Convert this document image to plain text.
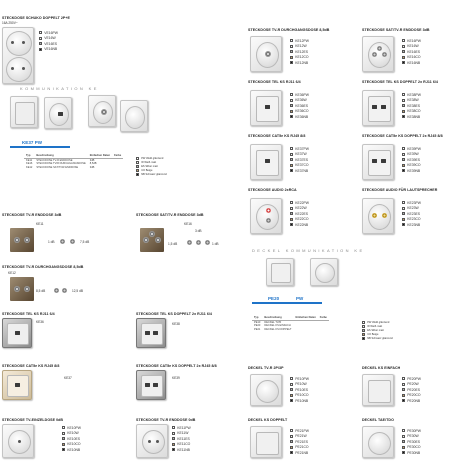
STECKDOSE SCHUKO DOPPELT 2P+E
16A 250V~
VE16PW
VE16W
VE16ES
VE16NB
KOMMUNIKATION KE
KE37 PW
Typ	Beschreibung	Einfachen Daten	Farbe
KE11	STECKDOSE TV-R ENDDOSE	3dB	
KE16	STECKDOSE TV/R DURCHGANGSDOSE	8,5dB	
KE12	STECKDOSE SAT/TV/R ENDDOSE	3dB	
PW Weiß glänzend
W Weiß matt
ES Silber matt
CO Beige
NB Schwarz glänzend
STECKDOSE TV-R ENDDOSE 3dB
KE11
1 dB	7,5 dB
STECKDOSE SAT/TV-R ENDDOSE 3dB
KE16
3 dB
1,5 dB	1 dB
STECKDOSE TV-R DURCHGANGSDOSE 8,5dB
KE12
8,5 dB	12,5 dB
STECKDOSE TEL KS RJ11 6/4
KE36
STECKDOSE TEL KS DOPPELT 2x RJ11 6/4
KE38
STECKDOSE CAT5e KS RJ45 8/8
KE37
STECKDOSE CAT5e KS DOPPELT 2x RJ45 8/8
KE39
STECKDOSE TV-EINZELDOSE 0dB
KE10PW
KE10W
KE10ES
KE10CO
KE10NB
STECKDOSE TV-R ENDDOSE 0dB
KE11PW
KE11W
KE11ES
KE11CO
KE11NB
STECKDOSE TV-R DURCHGANGSDOSE 8,5dB
KE12PW
KE12W
KE12ES
KE12CO
KE12NB
STECKDOSE SAT/TV-R ENDDOSE 3dB
KE16PW
KE16W
KE16ES
KE16CO
KE16NB
STECKDOSE TEL KS RJ11 6/4
KE36PW
KE36W
KE36ES
KE36CO
KE36NB
STECKDOSE TEL KS DOPPELT 2x RJ11 6/4
KE38PW
KE38W
KE38ES
KE38CO
KE38NB
STECKDOSE CAT5e KS RJ45 8/8
KE37PW
KE37W
KE37ES
KE37CO
KE37NB
STECKDOSE CAT5e KS DOPPELT 2x RJ45 8/8
KE39PW
KE39W
KE39ES
KE39CO
KE39NB
STECKDOSE AUDIO 2xRCA
KE22PW
KE22W
KE22ES
KE22CO
KE22NB
STECKDOSE AUDIO FÜR LAUTSPRECHER
KE23PW
KE23W
KE23ES
KE23CO
KE23NB
DECKEL KOMMUNIKATION KE
PE20	PW
Typ	Beschreibung	Einfachen Daten	Farbe
PE10	DECKEL TV/R		
PE20	DECKEL KS EINFACH		
PE21	DECKEL KS DOPPELT		
PW Weiß glänzend
W Weiß matt
ES Silber matt
CO Beige
NB Schwarz glänzend
DECKEL TV-R 2P/3P
PE10PW
PE10W
PE10ES
PE10CO
PE10NB
DECKEL KS EINFACH
PE20PW
PE20W
PE20ES
PE20CO
PE20NB
DECKEL KS DOPPELT
PE21PW
PE21W
PE21ES
PE21CO
PE21NB
DECKEL TAE/TDO
PE30PW
PE30W
PE30ES
PE30CO
PE30NB
